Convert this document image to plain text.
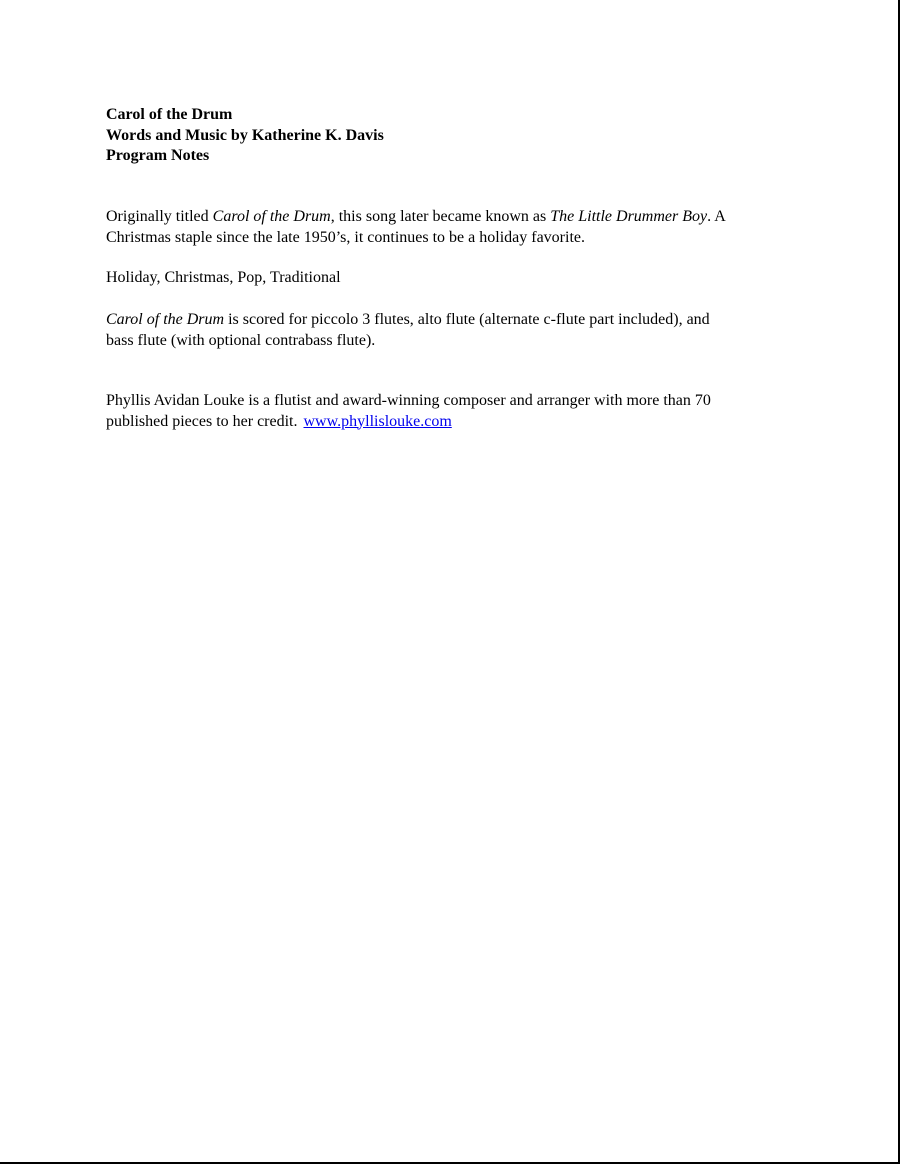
Carol of the Drum
Words and Music by Katherine K. Davis
Program Notes
Originally titled Carol of the Drum, this song later became known as The Little Drummer Boy. A
Christmas staple since the late 1950’s, it continues to be a holiday favorite.
Holiday, Christmas, Pop, Traditional
Carol of the Drum is scored for piccolo 3 flutes, alto flute (alternate c-flute part included), and
bass flute (with optional contrabass flute).
Phyllis Avidan Louke is a flutist and award-winning composer and arranger with more than 70
published pieces to her credit. www.phyllislouke.com
